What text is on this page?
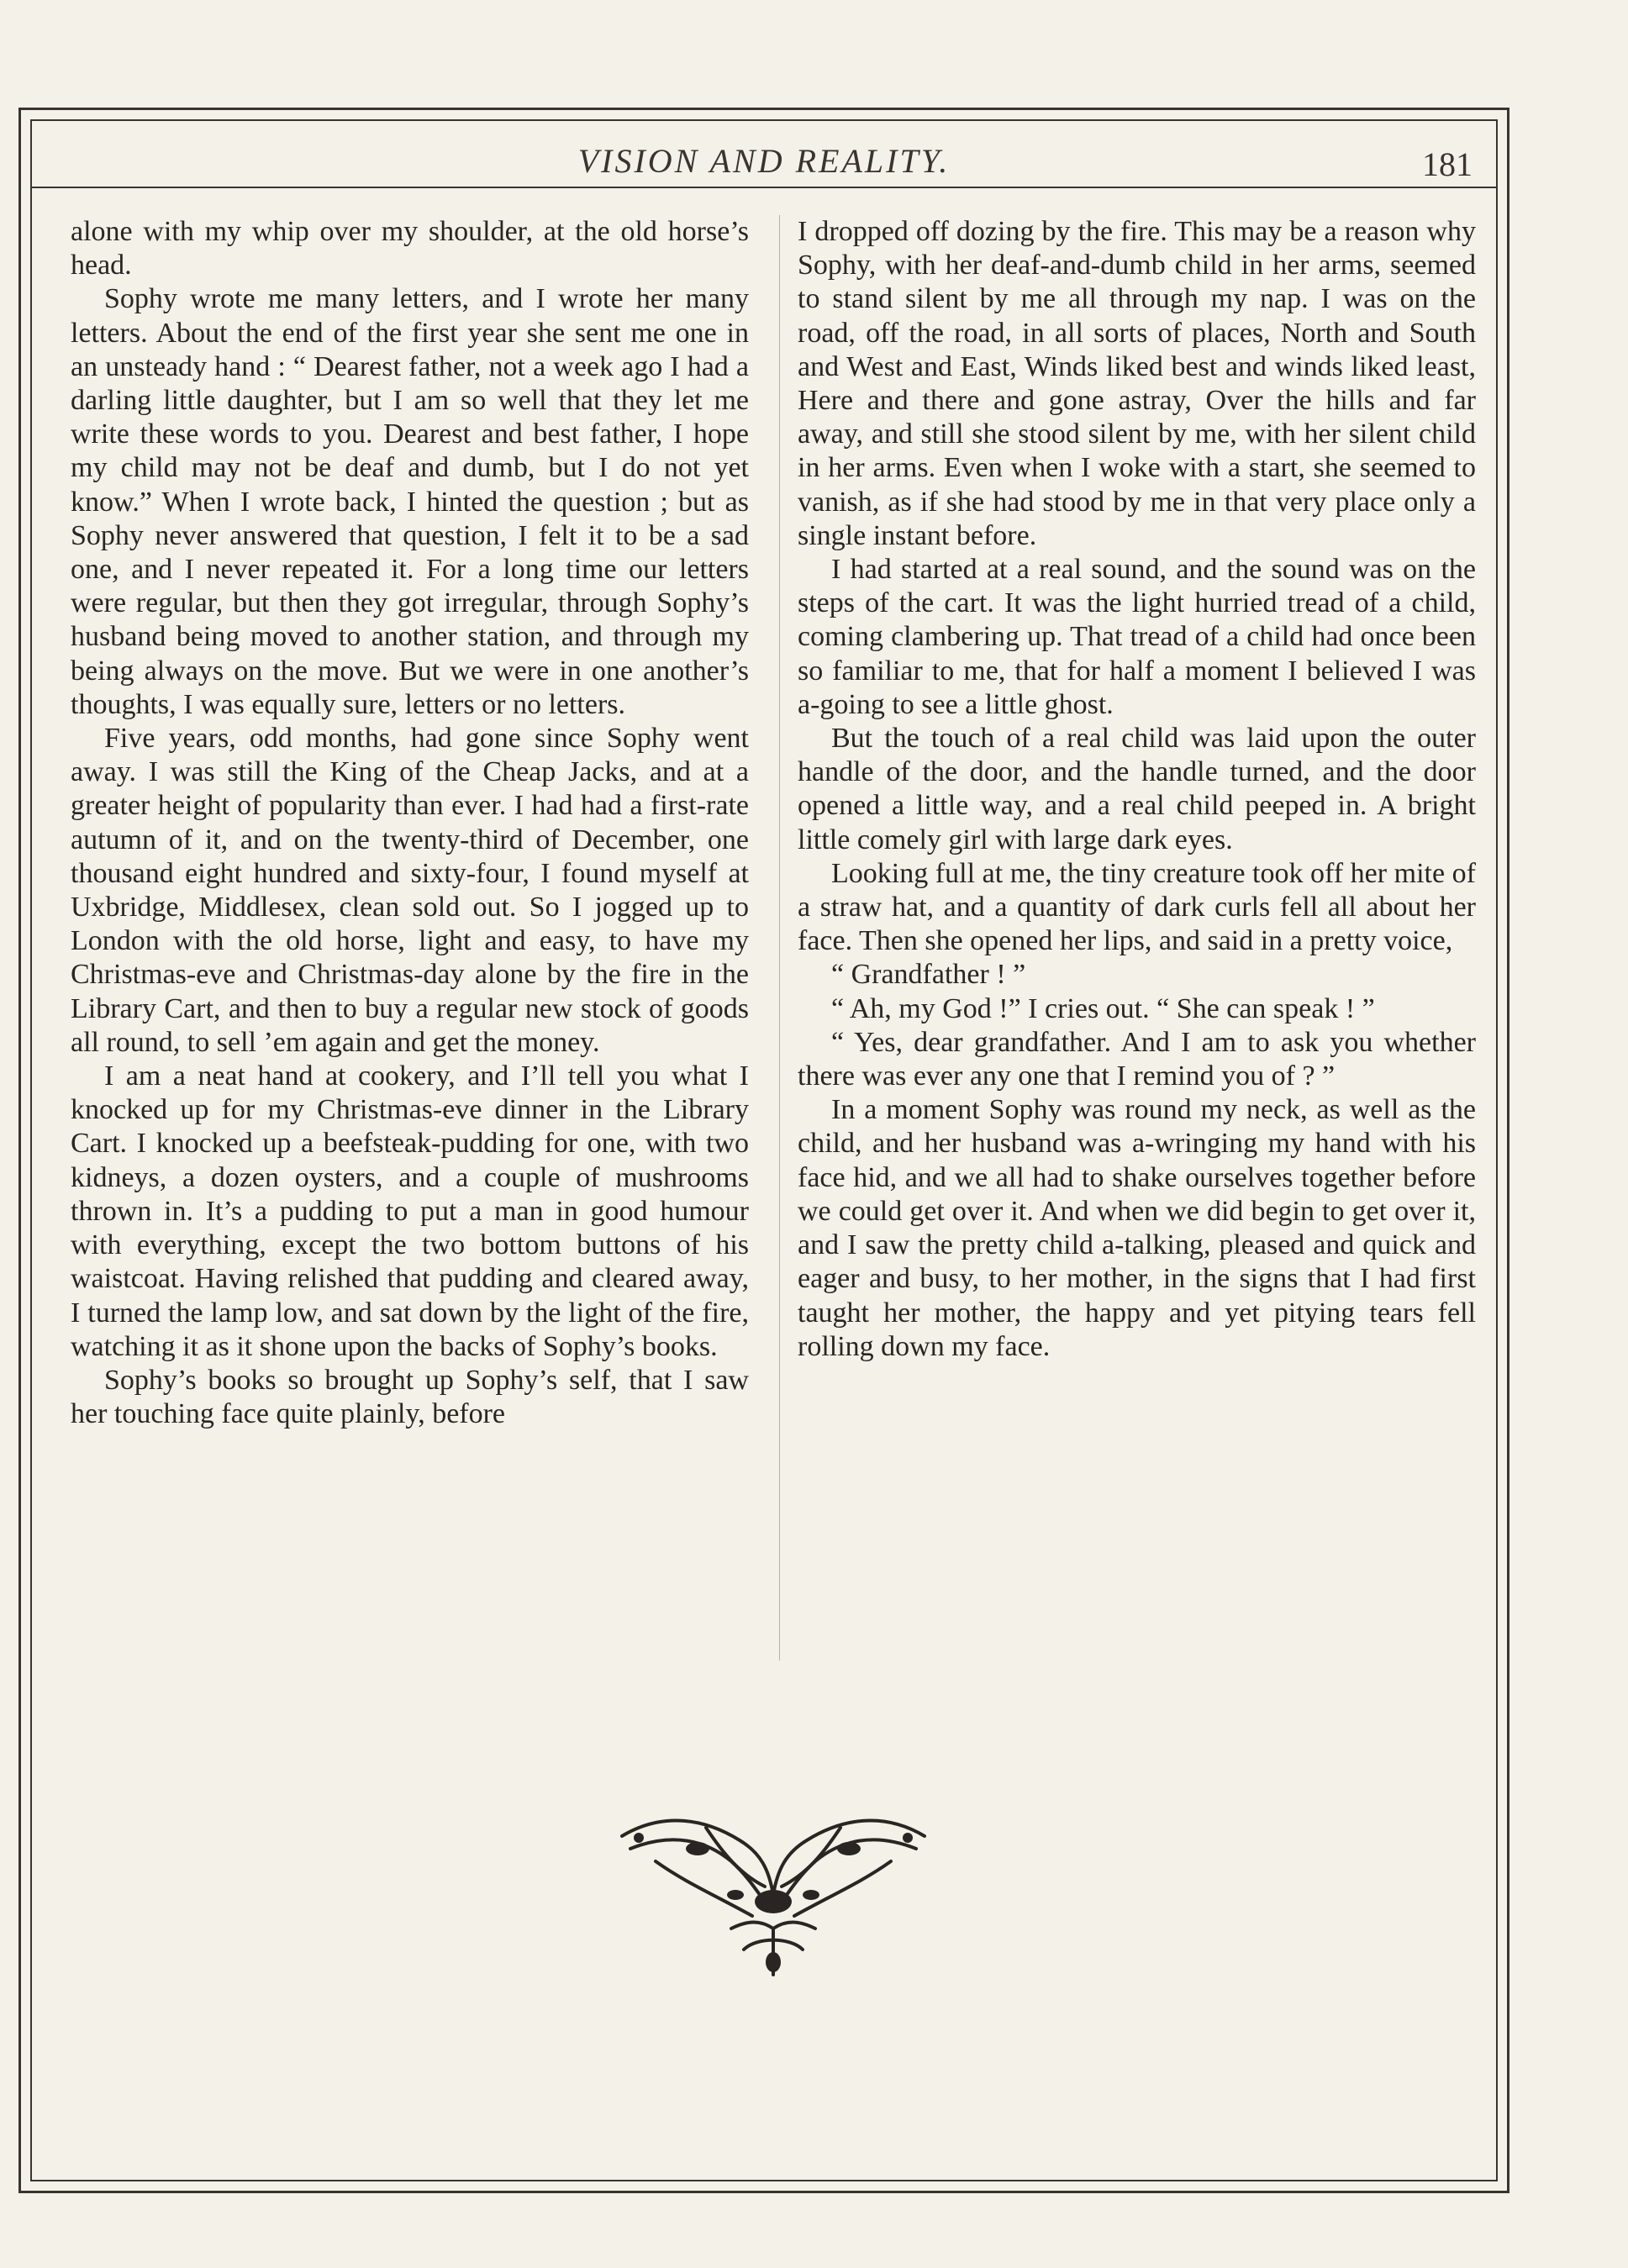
VISION AND REALITY.	181

alone with my whip over my shoulder, at the old horse’s head.

Sophy wrote me many letters, and I wrote her many letters. About the end of the first year she sent me one in an unsteady hand : “ Dearest father, not a week ago I had a darling little daughter, but I am so well that they let me write these words to you. Dearest and best father, I hope my child may not be deaf and dumb, but I do not yet know.” When I wrote back, I hinted the question ; but as Sophy never answered that question, I felt it to be a sad one, and I never repeated it. For a long time our letters were regular, but then they got irregular, through Sophy’s husband being moved to another station, and through my being always on the move. But we were in one another’s thoughts, I was equally sure, letters or no letters.

Five years, odd months, had gone since Sophy went away. I was still the King of the Cheap Jacks, and at a greater height of popularity than ever. I had had a first-rate autumn of it, and on the twenty-third of December, one thousand eight hundred and sixty-four, I found myself at Uxbridge, Middlesex, clean sold out. So I jogged up to London with the old horse, light and easy, to have my Christmas-eve and Christmas-day alone by the fire in the Library Cart, and then to buy a regular new stock of goods all round, to sell ’em again and get the money.

I am a neat hand at cookery, and I’ll tell you what I knocked up for my Christmas-eve dinner in the Library Cart. I knocked up a beefsteak-pudding for one, with two kidneys, a dozen oysters, and a couple of mushrooms thrown in. It’s a pudding to put a man in good humour with everything, except the two bottom buttons of his waistcoat. Having relished that pudding and cleared away, I turned the lamp low, and sat down by the light of the fire, watching it as it shone upon the backs of Sophy’s books.

Sophy’s books so brought up Sophy’s self, that I saw her touching face quite plainly, before

I dropped off dozing by the fire. This may be a reason why Sophy, with her deaf-and-dumb child in her arms, seemed to stand silent by me all through my nap. I was on the road, off the road, in all sorts of places, North and South and West and East, Winds liked best and winds liked least, Here and there and gone astray, Over the hills and far away, and still she stood silent by me, with her silent child in her arms. Even when I woke with a start, she seemed to vanish, as if she had stood by me in that very place only a single instant before.

I had started at a real sound, and the sound was on the steps of the cart. It was the light hurried tread of a child, coming clambering up. That tread of a child had once been so familiar to me, that for half a moment I believed I was a-going to see a little ghost.

But the touch of a real child was laid upon the outer handle of the door, and the handle turned, and the door opened a little way, and a real child peeped in. A bright little comely girl with large dark eyes.

Looking full at me, the tiny creature took off her mite of a straw hat, and a quantity of dark curls fell all about her face. Then she opened her lips, and said in a pretty voice,

“ Grandfather ! ”

“ Ah, my God !” I cries out. “ She can speak ! ”

“ Yes, dear grandfather. And I am to ask you whether there was ever any one that I remind you of ? ”

In a moment Sophy was round my neck, as well as the child, and her husband was a-wringing my hand with his face hid, and we all had to shake ourselves together before we could get over it. And when we did begin to get over it, and I saw the pretty child a-talking, pleased and quick and eager and busy, to her mother, in the signs that I had first taught her mother, the happy and yet pitying tears fell rolling down my face.
